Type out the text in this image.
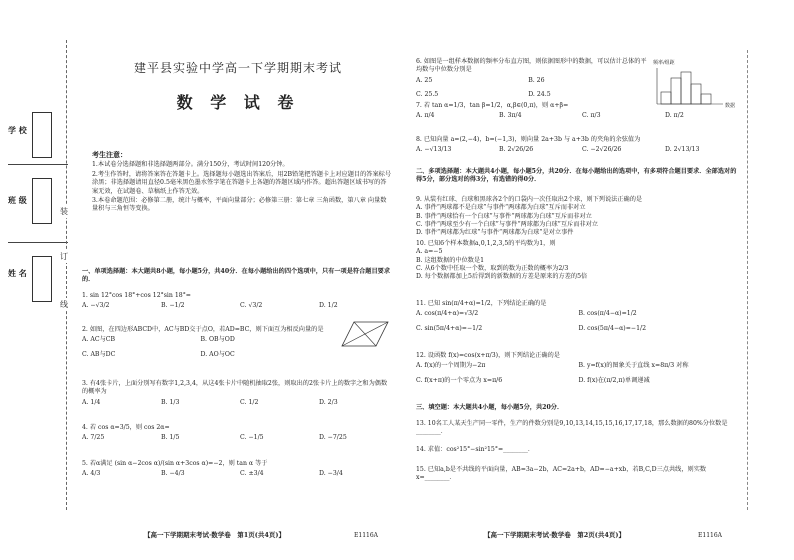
学 校
班 级
姓 名
装
订
线
建平县实验中学高一下学期期末考试
数 学 试 卷
考生注意：
1.本试卷分选择题和非选择题两部分。满分150分，考试时间120分钟。
2.考生作答时，请将答案答在答题卡上。选择题每小题选出答案后，用2B铅笔把答题卡上对应题目的答案标号涂黑；非选择题请用直径0.5毫米黑色墨水签字笔在答题卡上各题的答题区域内作答。超出答题区域书写的答案无效，在试题卷、草稿纸上作答无效。
3.本卷命题范围：必修第二册，统计与概率，平面向量部分；必修第三册：第七章 三角函数，第八章 向量数量积与三角恒等变换。
一、单项选择题：本大题共8小题，每小题5分，共40分．在每小题给出的四个选项中，只有一项是符合题目要求的．
1. sin 12°cos 18°+cos 12°sin 18°=
A. −√3/2	B. −1/2	C. √3/2	D. 1/2
2. 如图，在四边形ABCD中，AC与BD交于点O，若AD=BC，则下面互为相反向量的是
A. AC与CB	B. OB与OD
C. AB与DC	D. AO与OC
3. 有4张卡片，上面分别写有数字1,2,3,4，从这4张卡片中随机抽取2张，则取出的2张卡片上的数字之和为偶数的概率为
A. 1/4	B. 1/3	C. 1/2	D. 2/3
4. 若 cos α=3/5，则 cos 2α=
A. 7/25	B. 1/5	C. −1/5	D. −7/25
5. 若α满足 (sin α−2cos α)/(sin α+3cos α)=−2，则 tan α 等于
A. 4/3	B. −4/3	C. ±3/4	D. −3/4
【高一下学期期末考试·数学卷　第1页(共4页)】	E1116A
6. 如图是一组样本数据的频率分布直方图，则依据图形中的数据，可以估计总体的平均数与中位数分别是
A. 25	B. 26
C. 25.5	D. 24.5
频率/组距
数据
7. 若 tan α=1/3，tan β=1/2，α,β∈(0,π)，则 α+β=
A. π/4	B. 3π/4	C. π/3	D. π/2
8. 已知向量 a=(2,−4)，b=(−1,3)，则向量 2a+3b 与 a+3b 的夹角的余弦值为
A. −√13/13	B. 2√26/26	C. −2√26/26	D. 2√13/13
二、多项选择题：本大题共4小题，每小题5分，共20分．在每小题给出的选项中，有多项符合题目要求．全部选对的得5分，部分选对的得3分，有选错的得0分．
9. 从装有红球、白球和黑球各2个的口袋内一次任取出2个球，则下列说法正确的是
A. 事件“两球都不是白球”与事件“两球都为白球”互斥而非对立
B. 事件“两球恰有一个白球”与事件“两球都为白球”互斥而非对立
C. 事件“两球至少有一个白球”与事件“两球都为白球”互斥而非对立
D. 事件“两球都为红球”与事件“两球都为白球”是对立事件
10. 已知6个样本数据a,0,1,2,3,5的平均数为1，则
A. a=−5
B. 这组数据的中位数是1
C. 从6个数中任取一个数，取到的数为正数的概率为2/3
D. 每个数据都加上5后得到的新数据的方差是原来的方差的5倍
11. 已知 sin(π/4+α)=1/2，下列结论正确的是
A. cos(π/4+α)=√3/2	B. cos(π/4−α)=1/2
C. sin(5π/4+α)=−1/2	D. cos(5π/4−α)=−1/2
12. 设函数 f(x)=cos(x+π/3)，则下列结论正确的是
A. f(x)的一个周期为−2π	B. y=f(x)的图象关于直线 x=8π/3 对称
C. f(x+π)的一个零点为 x=π/6	D. f(x)在(π/2,π)单调递减
三、填空题：本大题共4小题，每小题5分，共20分．
13. 10名工人某天生产同一零件，生产的件数分别是9,10,13,14,15,15,16,17,17,18，那么数据的80%分位数是________．
14. 求值：cos²15°−sin²15°=________．
15. 已知a,b是不共线的平面向量，AB=3a−2b，AC=2a+b，AD=−a+xb，若B,C,D三点共线，则实数 x=________．
【高一下学期期末考试·数学卷　第2页(共4页)】	E1116A
